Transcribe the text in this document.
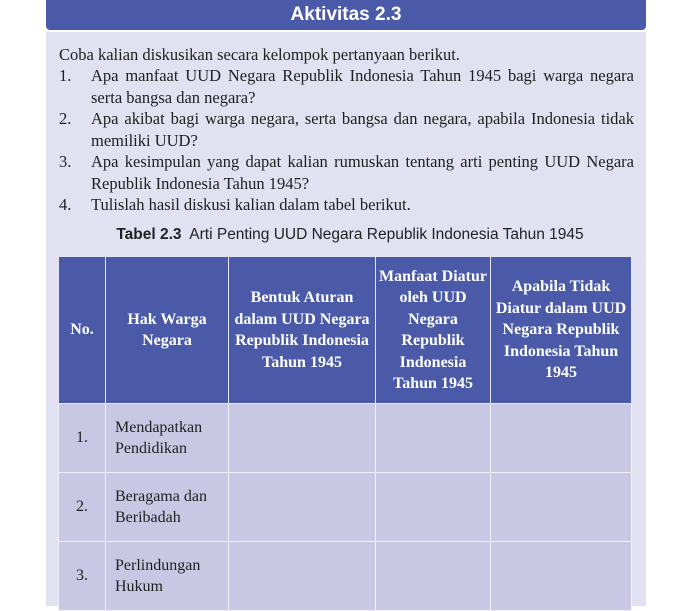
Aktivitas 2.3
Coba kalian diskusikan secara kelompok pertanyaan berikut.
1. Apa manfaat UUD Negara Republik Indonesia Tahun 1945 bagi warga negara serta bangsa dan negara?
2. Apa akibat bagi warga negara, serta bangsa dan negara, apabila Indonesia tidak memiliki UUD?
3. Apa kesimpulan yang dapat kalian rumuskan tentang arti penting UUD Negara Republik Indonesia Tahun 1945?
4. Tulislah hasil diskusi kalian dalam tabel berikut.
Tabel 2.3 Arti Penting UUD Negara Republik Indonesia Tahun 1945
No.	Hak Warga Negara	Bentuk Aturan dalam UUD Negara Republik Indonesia Tahun 1945	Manfaat Diatur oleh UUD Negara Republik Indonesia Tahun 1945	Apabila Tidak Diatur dalam UUD Negara Republik Indonesia Tahun 1945
1.	Mendapatkan Pendidikan			
2.	Beragama dan Beribadah			
3.	Perlindungan Hukum			
